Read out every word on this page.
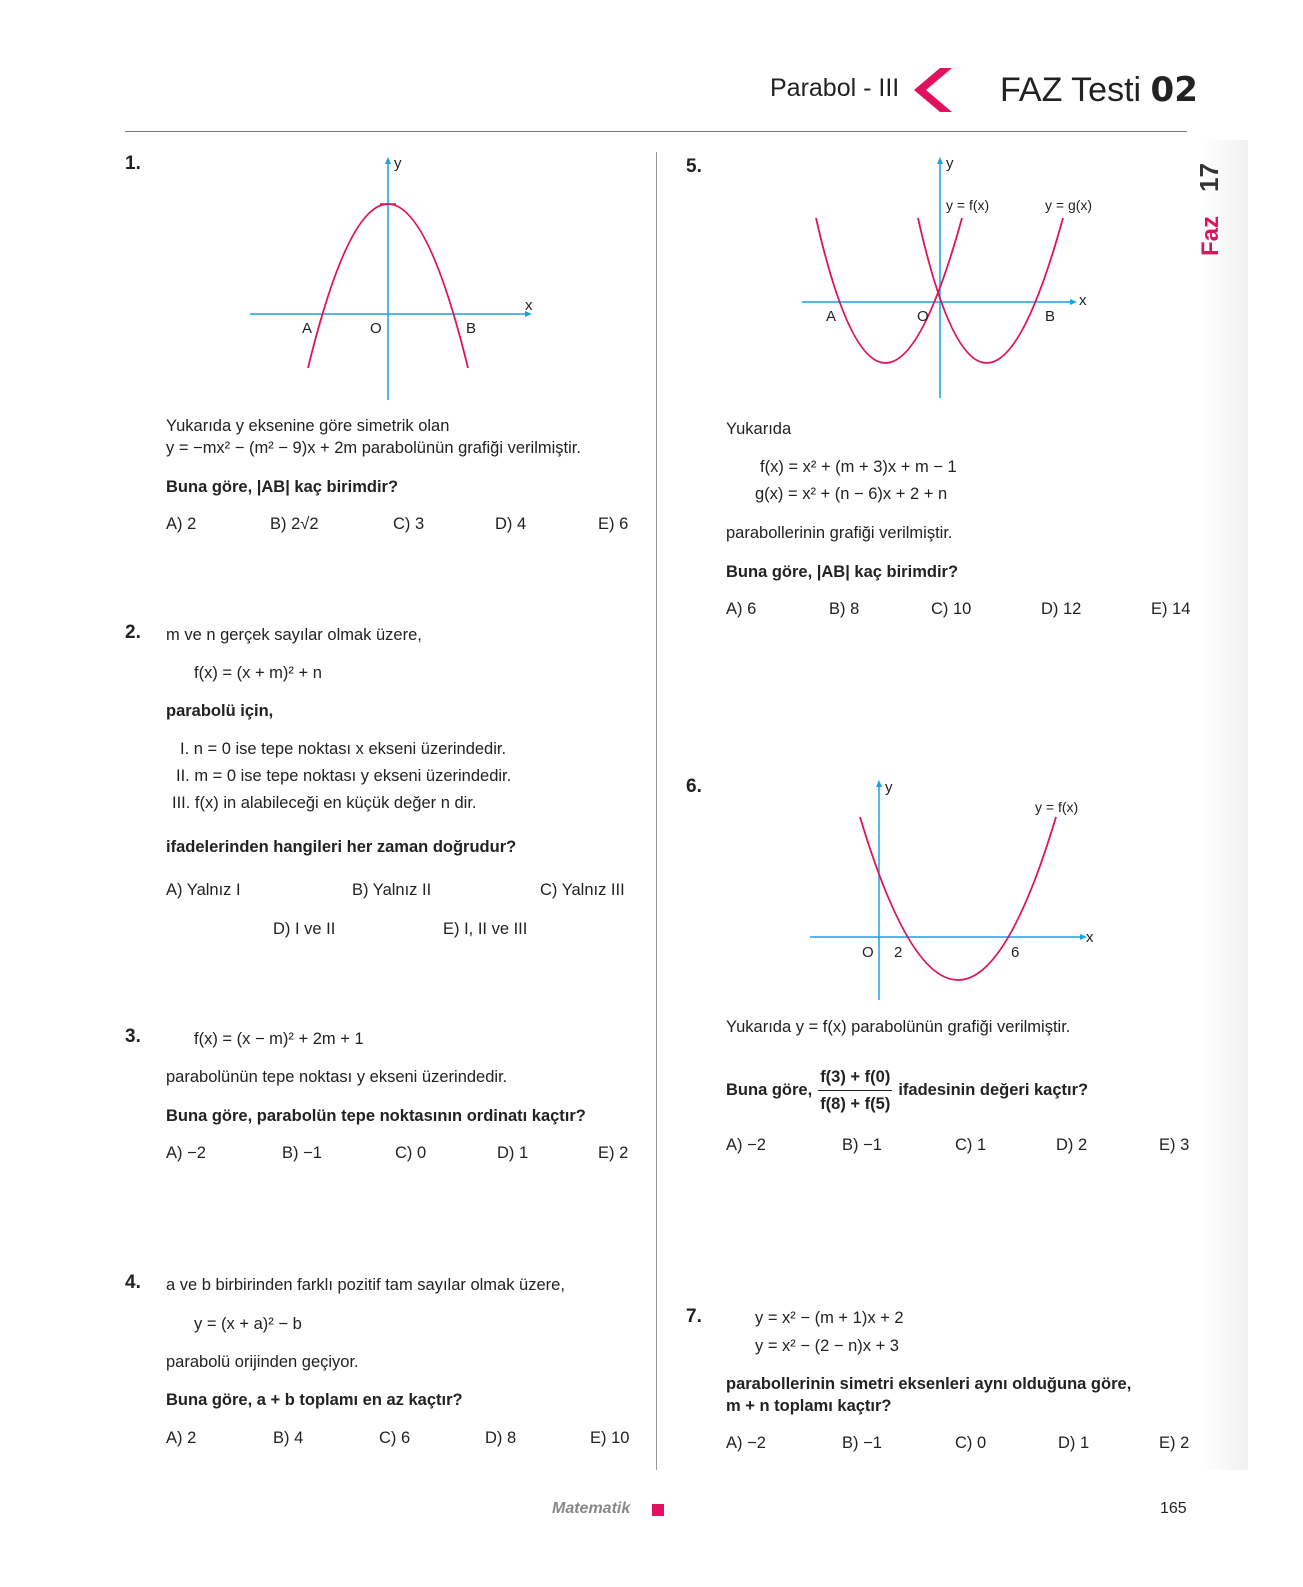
Parabol - III	FAZ Testi 02
17
Faz
1.	y
x
A	O	B
Yukarıda y eksenine göre simetrik olan
y = −mx² − (m² − 9)x + 2m parabolünün grafiği verilmiştir.
Buna göre, |AB| kaç birimdir?
A) 2	B) 2√2	C) 3	D) 4	E) 6
2. m ve n gerçek sayılar olmak üzere,
f(x) = (x + m)² + n
parabolü için,
I. n = 0 ise tepe noktası x ekseni üzerindedir.
II. m = 0 ise tepe noktası y ekseni üzerindedir.
III. f(x) in alabileceği en küçük değer n dir.
ifadelerinden hangileri her zaman doğrudur?
A) Yalnız I	B) Yalnız II	C) Yalnız III
D) I ve II	E) I, II ve III
3.	f(x) = (x − m)² + 2m + 1
parabolünün tepe noktası y ekseni üzerindedir.
Buna göre, parabolün tepe noktasının ordinatı kaçtır?
A) −2	B) −1	C) 0	D) 1	E) 2
4. a ve b birbirinden farklı pozitif tam sayılar olmak üzere,
y = (x + a)² − b
parabolü orijinden geçiyor.
Buna göre, a + b toplamı en az kaçtır?
A) 2	B) 4	C) 6	D) 8	E) 10
5.	y
x
y = f(x)	y = g(x)
A	O	B
Yukarıda
f(x) = x² + (m + 3)x + m − 1
g(x) = x² + (n − 6)x + 2 + n
parabollerinin grafiği verilmiştir.
Buna göre, |AB| kaç birimdir?
A) 6	B) 8	C) 10	D) 12	E) 14
6.	y
x
y = f(x)
O 2	6
Yukarıda y = f(x) parabolünün grafiği verilmiştir.
Buna göre, $\frac{f(3) + f(0)}{f(8) + f(5)}$ ifadesinin değeri kaçtır?
A) −2	B) −1	C) 1	D) 2	E) 3
7.	y = x² − (m + 1)x + 2
y = x² − (2 − n)x + 3
parabollerinin simetri eksenleri aynı olduğuna göre,
m + n toplamı kaçtır?
A) −2	B) −1	C) 0	D) 1	E) 2
Matematik	165
